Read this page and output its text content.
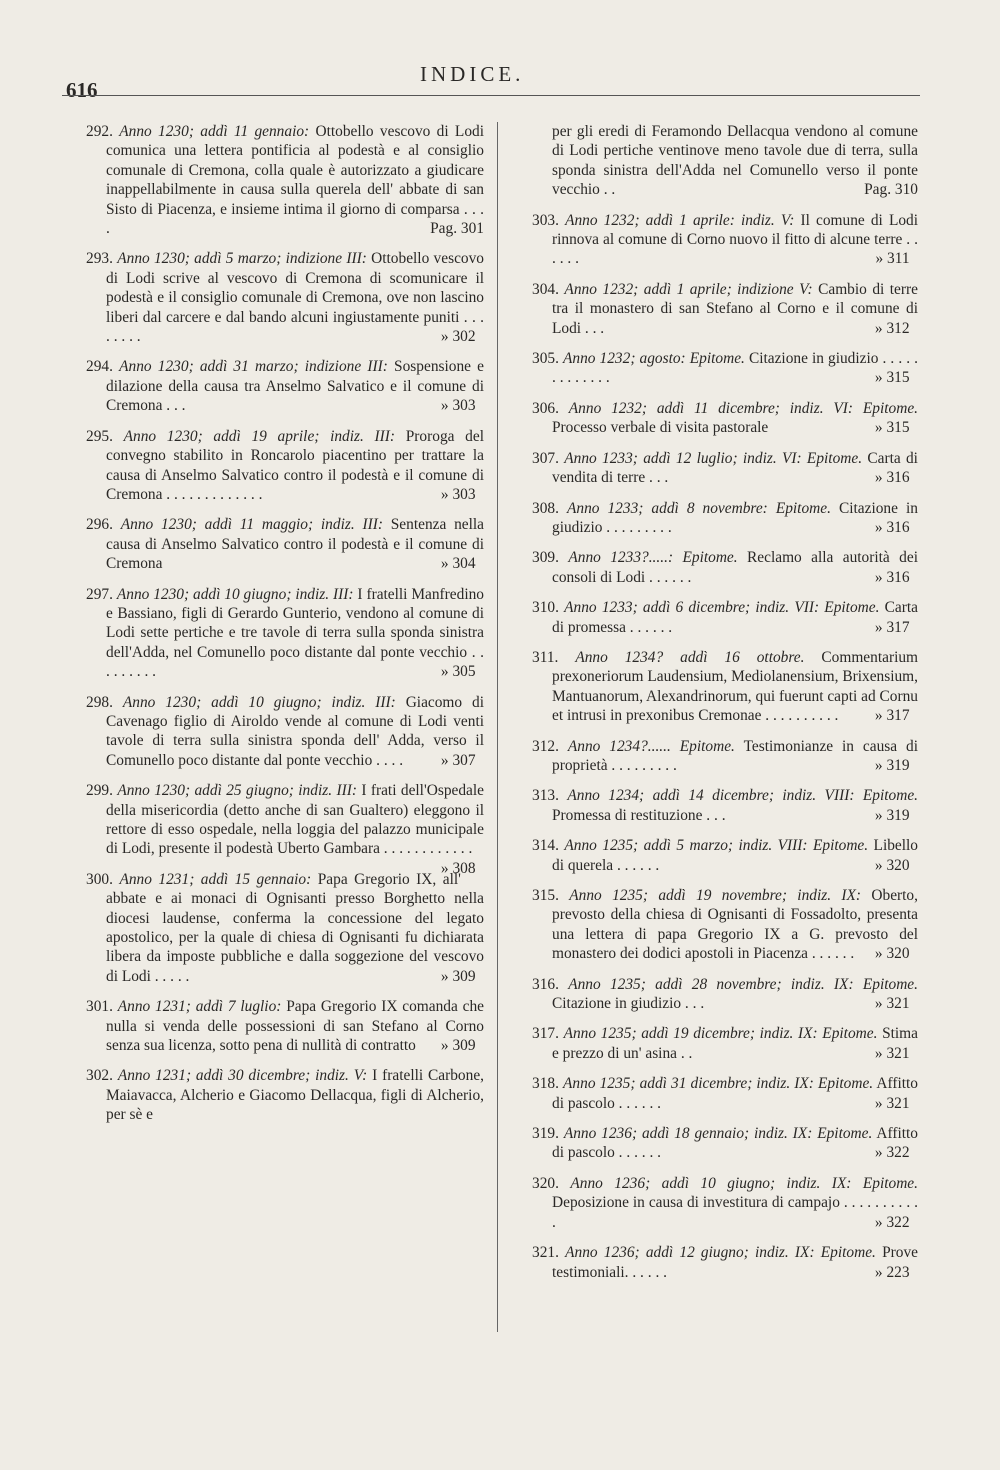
616
INDICE.
292. Anno 1230; addì 11 gennaio: Ottobello vescovo di Lodi comunica una lettera pontificia al podestà e al consiglio comunale di Cremona, colla quale è autorizzato a giudicare inappellabilmente in causa sulla querela dell' abbate di san Sisto di Piacenza, e insieme intima il giorno di comparsa . . . .	Pag. 301
293. Anno 1230; addì 5 marzo; indizione III: Ottobello vescovo di Lodi scrive al vescovo di Cremona di scomunicare il podestà e il consiglio comunale di Cremona, ove non lascino liberi dal carcere e dal bando alcuni ingiustamente puniti . . . . . . . .	» 302
294. Anno 1230; addì 31 marzo; indizione III: Sospensione e dilazione della causa tra Anselmo Salvatico e il comune di Cremona . . .	» 303
295. Anno 1230; addì 19 aprile; indiz. III: Proroga del convegno stabilito in Roncarolo piacentino per trattare la causa di Anselmo Salvatico contro il podestà e il comune di Cremona . . . . . . . . . . . . .	» 303
296. Anno 1230; addì 11 maggio; indiz. III: Sentenza nella causa di Anselmo Salvatico contro il podestà e il comune di Cremona	» 304
297. Anno 1230; addì 10 giugno; indiz. III: I fratelli Manfredino e Bassiano, figli di Gerardo Gunterio, vendono al comune di Lodi sette pertiche e tre tavole di terra sulla sponda sinistra dell'Adda, nel Comunello poco distante dal ponte vecchio . . . . . . . . .	» 305
298. Anno 1230; addì 10 giugno; indiz. III: Giacomo di Cavenago figlio di Airoldo vende al comune di Lodi venti tavole di terra sulla sinistra sponda dell' Adda, verso il Comunello poco distante dal ponte vecchio . . . . » 307
299. Anno 1230; addì 25 giugno; indiz. III: I frati dell'Ospedale della misericordia (detto anche di san Gualtero) eleggono il rettore di esso ospedale, nella loggia del palazzo municipale di Lodi, presente il podestà Uberto Gambara . . . . . . . . . . . .
» 308
300. Anno 1231; addì 15 gennaio: Papa Gregorio IX, all' abbate e ai monaci di Ognisanti presso Borghetto nella diocesi laudense, conferma la concessione del legato apostolico, per la quale di chiesa di Ognisanti fu dichiarata libera da imposte pubbliche e dalla soggezione del vescovo di Lodi . . . . .	» 309
301. Anno 1231; addì 7 luglio: Papa Gregorio IX comanda che nulla si venda delle possessioni di san Stefano al Corno senza sua licenza, sotto pena di nullità di contratto » 309
302. Anno 1231; addì 30 dicembre; indiz. V: I fratelli Carbone, Maiavacca, Alcherio e Giacomo Dellacqua, figli di Alcherio, per sè e
per gli eredi di Feramondo Dellacqua vendono al comune di Lodi pertiche ventinove meno tavole due di terra, sulla sponda sinistra dell'Adda nel Comunello verso il ponte vecchio . .	Pag. 310
303. Anno 1232; addì 1 aprile: indiz. V: Il comune di Lodi rinnova al comune di Corno nuovo il fitto di alcune terre . . . . . .	» 311
304. Anno 1232; addì 1 aprile; indizione V: Cambio di terre tra il monastero di san Stefano al Corno e il comune di Lodi . . .	» 312
305. Anno 1232; agosto: Epitome. Citazione in giudizio . . . . . . . . . . . . .	» 315
306. Anno 1232; addì 11 dicembre; indiz. VI: Epitome. Processo verbale di visita pastorale	» 315
307. Anno 1233; addì 12 luglio; indiz. VI: Epitome. Carta di vendita di terre . . .	» 316
308. Anno 1233; addì 8 novembre: Epitome. Citazione in giudizio . . . . . . . . .	» 316
309. Anno 1233?.....: Epitome. Reclamo alla autorità dei consoli di Lodi . . . . . .	» 316
310. Anno 1233; addì 6 dicembre; indiz. VII: Epitome. Carta di promessa . . . . . .	» 317
311. Anno 1234? addì 16 ottobre. Commentarium prexoneriorum Laudensium, Mediolanensium, Brixensium, Mantuanorum, Alexandrinorum, qui fuerunt capti ad Cornu et intrusi in prexonibus Cremonae . . . . . . . . . . » 317
312. Anno 1234?...... Epitome. Testimonianze in causa di proprietà . . . . . . . . .	» 319
313. Anno 1234; addì 14 dicembre; indiz. VIII: Epitome. Promessa di restituzione . . .	» 319
314. Anno 1235; addì 5 marzo; indiz. VIII: Epitome. Libello di querela . . . . . .	» 320
315. Anno 1235; addì 19 novembre; indiz. IX: Oberto, prevosto della chiesa di Ognisanti di Fossadolto, presenta una lettera di papa Gregorio IX a G. prevosto del monastero dei dodici apostoli in Piacenza . . . . . . » 320
316. Anno 1235; addì 28 novembre; indiz. IX: Epitome. Citazione in giudizio . . .	» 321
317. Anno 1235; addì 19 dicembre; indiz. IX: Epitome. Stima e prezzo di un' asina . .	» 321
318. Anno 1235; addì 31 dicembre; indiz. IX: Epitome. Affitto di pascolo . . . . . .	» 321
319. Anno 1236; addì 18 gennaio; indiz. IX: Epitome. Affitto di pascolo . . . . . .	» 322
320. Anno 1236; addì 10 giugno; indiz. IX: Epitome. Deposizione in causa di investitura di campajo . . . . . . . . . . .	» 322
321. Anno 1236; addì 12 giugno; indiz. IX: Epitome. Prove testimoniali. . . . . .	» 223
